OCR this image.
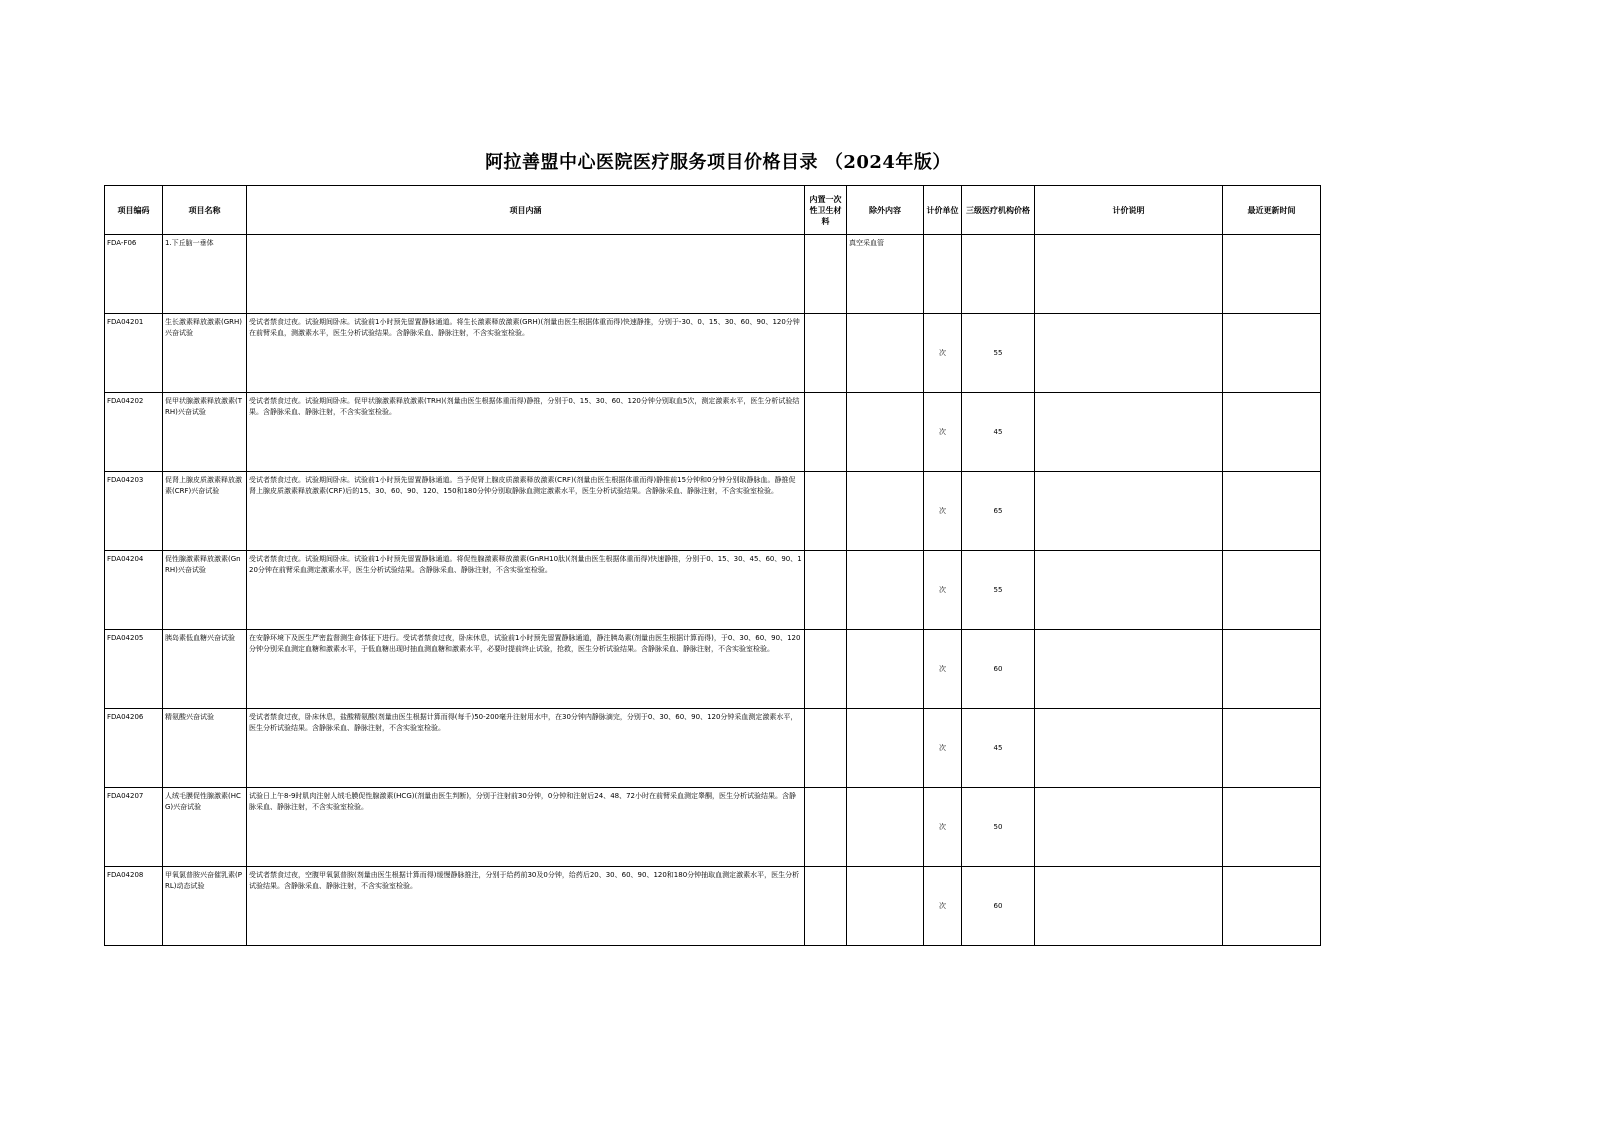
阿拉善盟中心医院医疗服务项目价格目录 （2024年版）
项目编码	项目名称	项目内涵	内置一次性卫生材料	除外内容	计价单位	三级医疗机构价格	计价说明	最近更新时间
FDA-F06	1.下丘脑一垂体			真空采血管				
FDA04201	生长激素释放激素(GRH)兴奋试验	受试者禁食过夜。试验期间卧床。试验前1小时预先留置静脉通道。将生长激素释放激素(GRH)(剂量由医生根据体重而得)快速静推，分别于-30、0、15、30、60、90、120分钟在前臂采血，测激素水平，医生分析试验结果。含静脉采血、静脉注射，不含实验室检验。			次	55		
FDA04202	促甲状腺激素释放激素(TRH)兴奋试验	受试者禁食过夜。试验期间卧床。促甲状腺激素释放激素(TRH)(剂量由医生根据体重而得)静推，分别于0、15、30、60、120分钟分别取血5次，测定激素水平，医生分析试验结果。含静脉采血、静脉注射，不含实验室检验。			次	45		
FDA04203	促肾上腺皮质激素释放激素(CRF)兴奋试验	受试者禁食过夜。试验期间卧床。试验前1小时预先留置静脉通道。当予促肾上腺皮质激素释放激素(CRF)(剂量由医生根据体重而得)静推前15分钟和0分钟分别取静脉血。静推促肾上腺皮质激素释放激素(CRF)后的15、30、60、90、120、150和180分钟分别取静脉血测定激素水平，医生分析试验结果。含静脉采血、静脉注射，不含实验室检验。			次	65		
FDA04204	促性腺激素释放激素(GnRH)兴奋试验	受试者禁食过夜。试验期间卧床。试验前1小时预先留置静脉通道。将促性腺激素释放激素(GnRH10肽)(剂量由医生根据体重而得)快速静推，分别于0、15、30、45、60、90、120分钟在前臂采血测定激素水平，医生分析试验结果。含静脉采血、静脉注射，不含实验室检验。			次	55		
FDA04205	胰岛素低血糖兴奋试验	在安静环境下及医生严密监督测生命体征下进行。受试者禁食过夜，卧床休息，试验前1小时预先留置静脉通道，静注胰岛素(剂量由医生根据计算而得)，于0、30、60、90、120分钟分别采血测定血糖和激素水平，于低血糖出现时抽血测血糖和激素水平，必要时提前终止试验，抢救，医生分析试验结果。含静脉采血、静脉注射，不含实验室检验。			次	60		
FDA04206	精氨酸兴奋试验	受试者禁食过夜，卧床休息，盐酸精氨酸(剂量由医生根据计算而得(每千)50-200毫升注射用水中，在30分钟内静脉滴完，分别于0、30、60、90、120分钟采血测定激素水平，医生分析试验结果。含静脉采血、静脉注射，不含实验室检验。			次	45		
FDA04207	人绒毛膜促性腺激素(HCG)兴奋试验	试验日上午8-9时肌肉注射人绒毛膜促性腺激素(HCG)(剂量由医生判断)，分别于注射前30分钟，0分钟和注射后24、48、72小时在前臂采血测定睾酮，医生分析试验结果。含静脉采血、静脉注射，不含实验室检验。			次	50		
FDA04208	甲氧氯普胺兴奋催乳素(PRL)动态试验	受试者禁食过夜，空腹甲氧氯普胺(剂量由医生根据计算而得)缓慢静脉推注，分别于给药前30及0分钟，给药后20、30、60、90、120和180分钟抽取血测定激素水平，医生分析试验结果。含静脉采血、静脉注射，不含实验室检验。			次	60		
